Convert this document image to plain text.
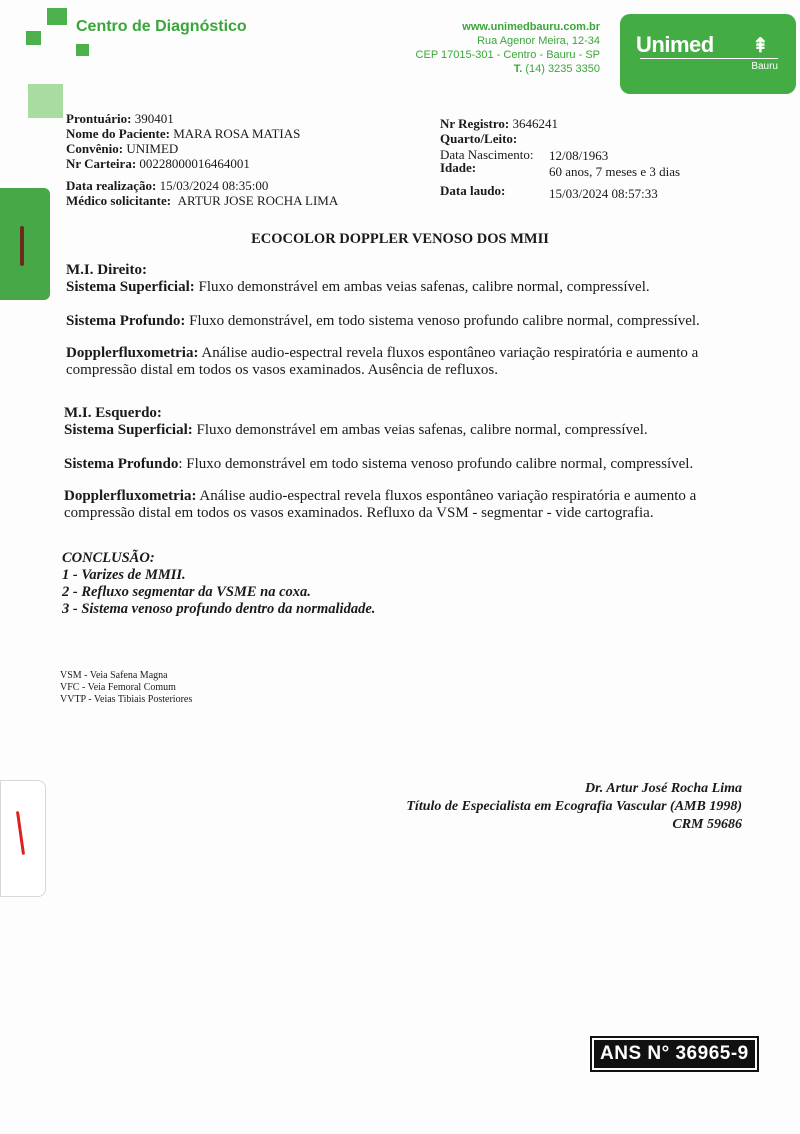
Centro de Diagnóstico	www.unimedbauru.com.br
Rua Agenor Meira, 12-34
CEP 17015-301 - Centro - Bauru - SP
T. (14) 3235 3350
Unimed ⇞
Bauru
Prontuário: 390401
Nome do Paciente: MARA ROSA MATIAS
Convênio: UNIMED
Nr Carteira: 00228000016464001
Data realização: 15/03/2024 08:35:00
Médico solicitante: ARTUR JOSE ROCHA LIMA
Nr Registro: 3646241
Quarto/Leito:
Data Nascimento: 12/08/1963
Idade:	60 anos, 7 meses e 3 dias
Data laudo:	15/03/2024 08:57:33
ECOCOLOR DOPPLER VENOSO DOS MMII
M.I. Direito:
Sistema Superficial: Fluxo demonstrável em ambas veias safenas, calibre normal, compressível.
Sistema Profundo: Fluxo demonstrável, em todo sistema venoso profundo calibre normal, compressível.
Dopplerfluxometria: Análise audio-espectral revela fluxos espontâneo variação respiratória e aumento a compressão distal em todos os vasos examinados. Ausência de refluxos.
M.I. Esquerdo:
Sistema Superficial: Fluxo demonstrável em ambas veias safenas, calibre normal, compressível.
Sistema Profundo: Fluxo demonstrável em todo sistema venoso profundo calibre normal, compressível.
Dopplerfluxometria: Análise audio-espectral revela fluxos espontâneo variação respiratória e aumento a compressão distal em todos os vasos examinados. Refluxo da VSM - segmentar - vide cartografia.
CONCLUSÃO:
1 - Varizes de MMII.
2 - Refluxo segmentar da VSME na coxa.
3 - Sistema venoso profundo dentro da normalidade.
VSM - Veia Safena Magna
VFC - Veia Femoral Comum
VVTP - Veias Tibiais Posteriores
Dr. Artur José Rocha Lima
Título de Especialista em Ecografia Vascular (AMB 1998)
CRM 59686
ANS N° 36965-9
